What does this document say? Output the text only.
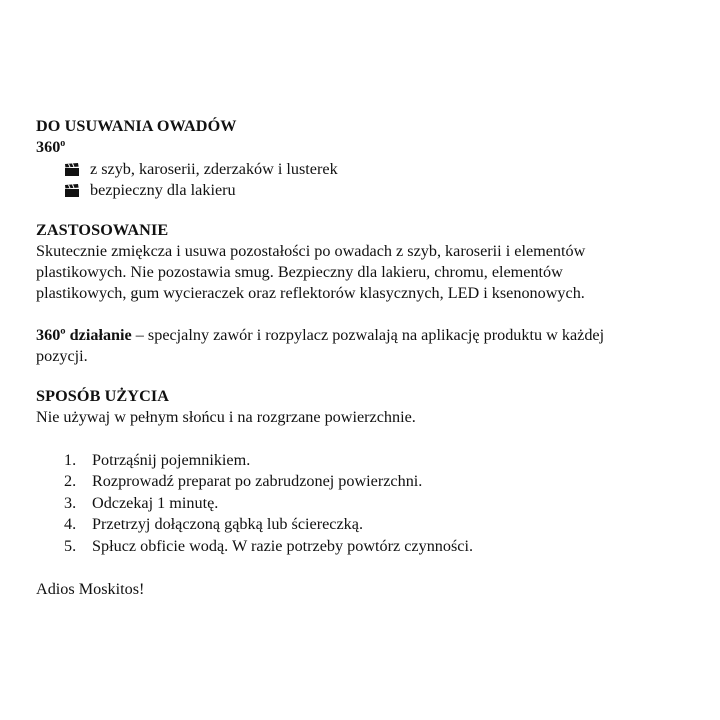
DO USUWANIA OWADÓW

360$^o$

z szyb, karoserii, zderzaków i lusterek
bezpieczny dla lakieru

ZASTOSOWANIE

Skutecznie zmiękcza i usuwa pozostałości po owadach z szyb, karoserii i elementów

plastikowych. Nie pozostawia smug. Bezpieczny dla lakieru, chromu, elementów

plastikowych, gum wycieraczek oraz reflektorów klasycznych, LED i ksenonowych.

360º działanie – specjalny zawór i rozpylacz pozwalają na aplikację produktu w każdej

pozycji.

SPOSÓB UŻYCIA

Nie używaj w pełnym słońcu i na rozgrzane powierzchnie.

1. Potrząśnij pojemnikiem.
2. Rozprowadź preparat po zabrudzonej powierzchni.
3. Odczekaj 1 minutę.
4. Przetrzyj dołączoną gąbką lub ściereczką.
5. Spłucz obficie wodą. W razie potrzeby powtórz czynności.

Adios Moskitos!
